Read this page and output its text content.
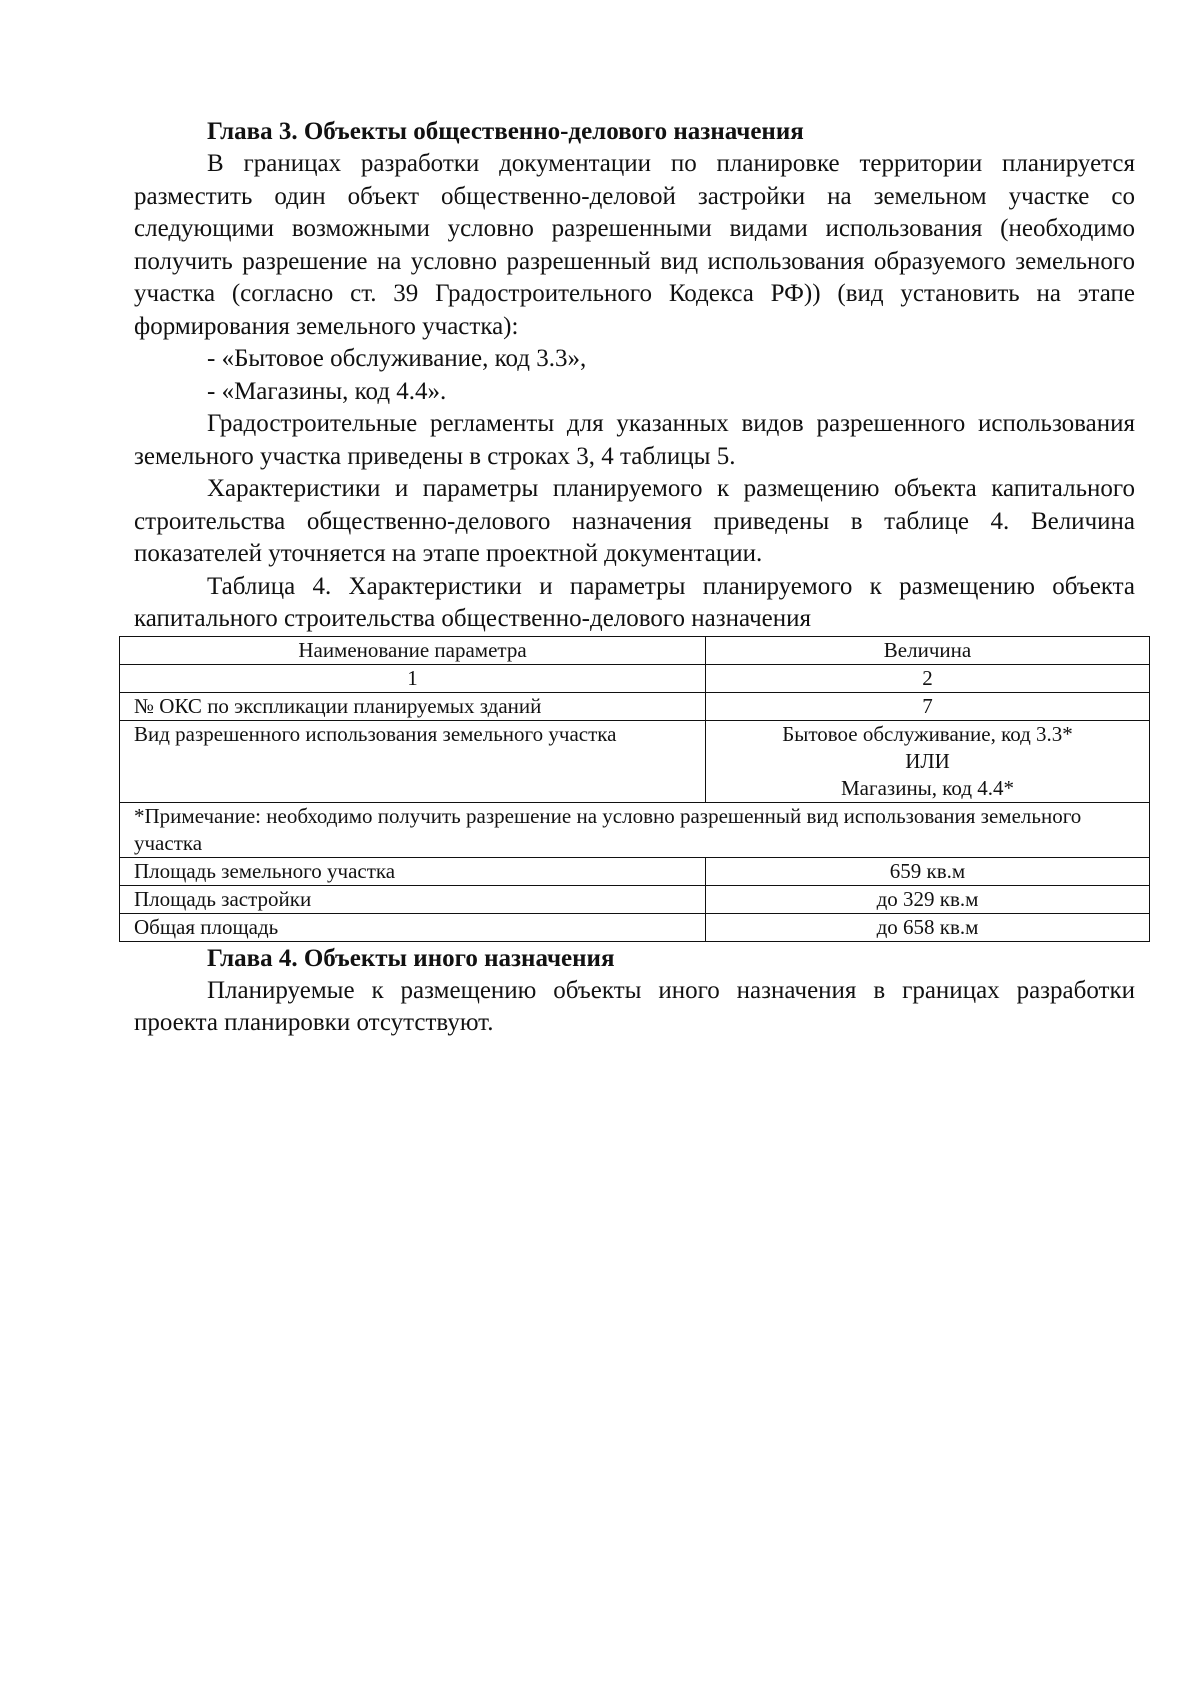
Глава 3. Объекты общественно-делового назначения

В границах разработки документации по планировке территории планируется разместить один объект общественно-деловой застройки на земельном участке со следующими возможными условно разрешенными видами использования (необходимо получить разрешение на условно разрешенный вид использования образуемого земельного участка (согласно ст. 39 Градостроительного Кодекса РФ)) (вид установить на этапе формирования земельного участка):

- «Бытовое обслуживание, код 3.3»,

- «Магазины, код 4.4».

Градостроительные регламенты для указанных видов разрешенного использования земельного участка приведены в строках 3, 4 таблицы 5.

Характеристики и параметры планируемого к размещению объекта капитального строительства общественно-делового назначения приведены в таблице 4. Величина показателей уточняется на этапе проектной документации.

Таблица 4. Характеристики и параметры планируемого к размещению объекта капитального строительства общественно-делового назначения

Наименование параметра	Величина
1	2
№ ОКС по экспликации планируемых зданий	7
Вид разрешенного использования земельного участка	Бытовое обслуживание, код 3.3*
ИЛИ
Магазины, код 4.4*

*Примечание: необходимо получить разрешение на условно разрешенный вид использования земельного участка	
Площадь земельного участка	659 кв.м
Площадь застройки	до 329 кв.м
Общая площадь	до 658 кв.м
Глава 4. Объекты иного назначения

Планируемые к размещению объекты иного назначения в границах разработки проекта планировки отсутствуют.
